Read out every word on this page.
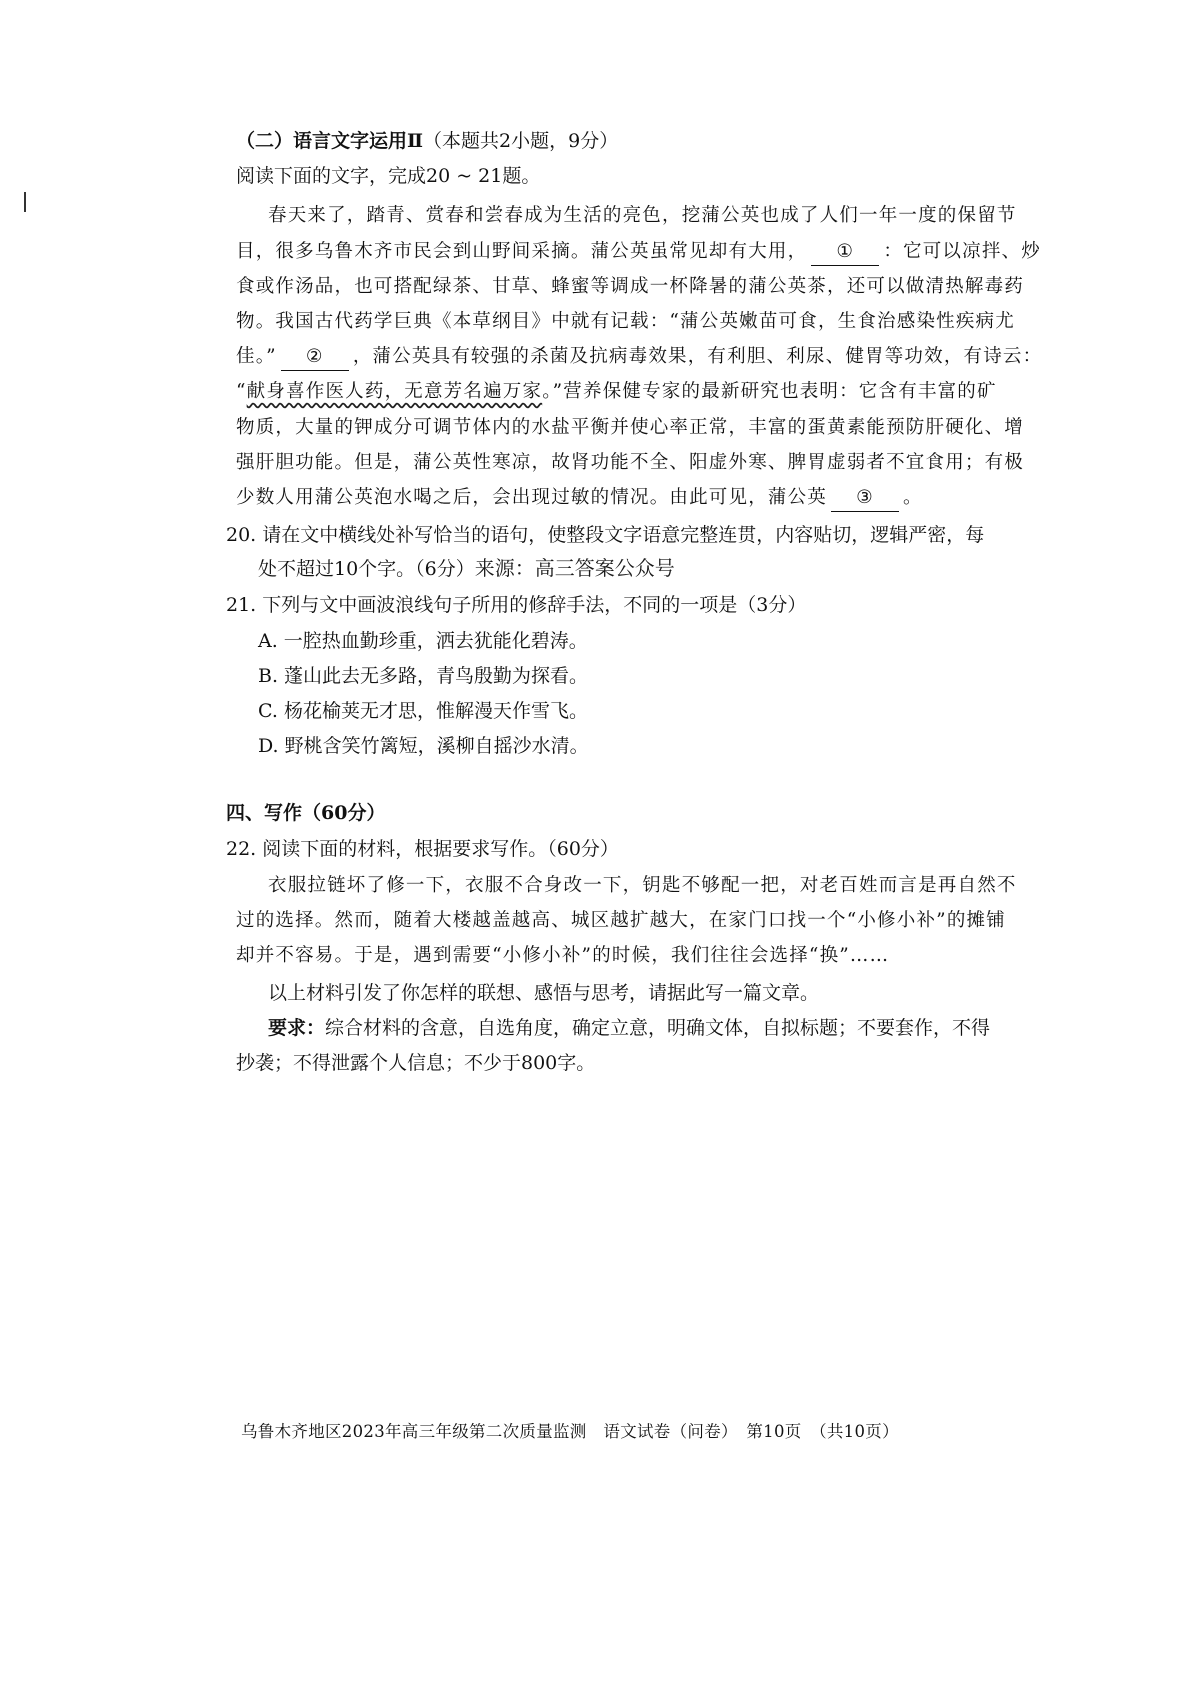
（二）语言文字运用Ⅱ（本题共2小题，9分）
阅读下面的文字，完成20 ~ 21题。
春天来了，踏青、赏春和尝春成为生活的亮色，挖蒲公英也成了人们一年一度的保留节
目，很多乌鲁木齐市民会到山野间采摘。蒲公英虽常见却有大用， ① ：它可以凉拌、炒
食或作汤品，也可搭配绿茶、甘草、蜂蜜等调成一杯降暑的蒲公英茶，还可以做清热解毒药
物。我国古代药学巨典《本草纲目》中就有记载：“蒲公英嫩苗可食，生食治感染性疾病尤
佳。” ② ，蒲公英具有较强的杀菌及抗病毒效果，有利胆、利尿、健胃等功效，有诗云：
“献身喜作医人药，无意芳名遍万家。”营养保健专家的最新研究也表明：它含有丰富的矿
物质，大量的钾成分可调节体内的水盐平衡并使心率正常，丰富的蛋黄素能预防肝硬化、增
强肝胆功能。但是，蒲公英性寒凉，故肾功能不全、阳虚外寒、脾胃虚弱者不宜食用；有极
少数人用蒲公英泡水喝之后，会出现过敏的情况。由此可见，蒲公英 ③ 。
20. 请在文中横线处补写恰当的语句，使整段文字语意完整连贯，内容贴切，逻辑严密，每
处不超过10个字。（6分）来源：高三答案公众号
21. 下列与文中画波浪线句子所用的修辞手法，不同的一项是（3分）
A. 一腔热血勤珍重，洒去犹能化碧涛。
B. 蓬山此去无多路，青鸟殷勤为探看。
C. 杨花榆荚无才思，惟解漫天作雪飞。
D. 野桃含笑竹篱短，溪柳自摇沙水清。
四、写作（60分）
22. 阅读下面的材料，根据要求写作。（60分）
衣服拉链坏了修一下，衣服不合身改一下，钥匙不够配一把，对老百姓而言是再自然不
过的选择。然而，随着大楼越盖越高、城区越扩越大，在家门口找一个“小修小补”的摊铺
却并不容易。于是，遇到需要“小修小补”的时候，我们往往会选择“换”……
以上材料引发了你怎样的联想、感悟与思考，请据此写一篇文章。
要求：综合材料的含意，自选角度，确定立意，明确文体，自拟标题；不要套作，不得
抄袭；不得泄露个人信息；不少于800字。
乌鲁木齐地区2023年高三年级第二次质量监测　语文试卷（问卷）　第10页　（共10页）
